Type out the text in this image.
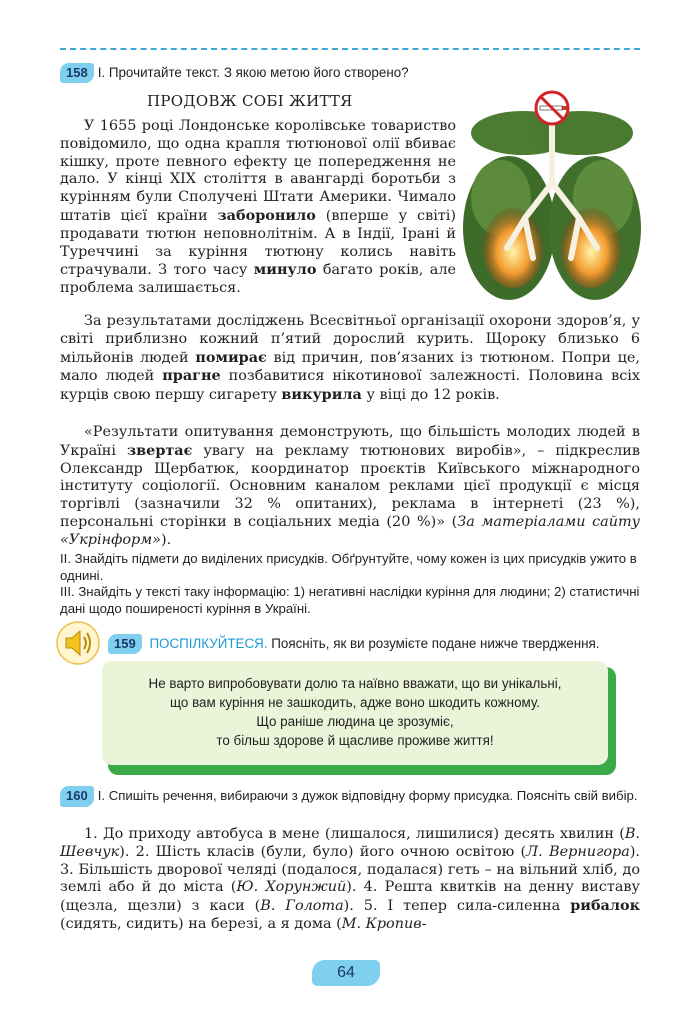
158 I. Прочитайте текст. З якою метою його створено?
ПРОДОВЖ СОБІ ЖИТТЯ

У 1655 році Лондонське королівське товариство повідомило, що одна крапля тютюнової олії вбиває кішку, проте певного ефекту це попередження не дало. У кінці XIX століття в авангарді боротьби з курінням були Сполучені Штати Америки. Чимало штатів цієї країни заборонило (вперше у світі) продавати тютюн неповнолітнім. А в Індії, Ірані й Туреччині за куріння тютюну колись навіть страчували. З того часу минуло багато років, але проблема залишається.

За результатами досліджень Всесвітньої організації охорони здоров’я, у світі приблизно кожний п’ятий дорослий курить. Щороку близько 6 мільйонів людей помирає від причин, пов’язаних із тютюном. Попри це, мало людей прагне позбавитися нікотинової залежності. Половина всіх курців свою першу сигарету викурила у віці до 12 років.

«Результати опитування демонструють, що більшість молодих людей в Україні звертає увагу на рекламу тютюнових виробів», – підкреслив Олександр Щербатюк, координатор проєктів Київського міжнародного інституту соціології. Основним каналом реклами цієї продукції є місця торгівлі (зазначили 32 % опитаних), реклама в інтернеті (23 %), персональні сторінки в соціальних медіа (20 %)» (За матеріалами сайту «Укрінформ»).

II. Знайдіть підмети до виділених присудків. Обґрунтуйте, чому кожен із цих присудків ужито в однині.
III. Знайдіть у тексті таку інформацію: 1) негативні наслідки куріння для людини; 2) статистичні дані щодо поширеності куріння в Україні.
159 ПОСПІЛКУЙТЕСЯ. Поясніть, як ви розумієте подане нижче твердження.
Не варто випробовувати долю та наївно вважати, що ви унікальні,
що вам куріння не зашкодить, адже воно шкодить кожному.
Що раніше людина це зрозуміє,
то більш здорове й щасливе проживе життя!
160 I. Спишіть речення, вибираючи з дужок відповідну форму присудка. Поясніть свій вибір.

1. До приходу автобуса в мене (лишалося, лишилися) десять хвилин (В. Шевчук). 2. Шість класів (були, було) його очною освітою (Л. Вернигора). 3. Більшість дворової челяді (подалося, подалася) геть – на вільний хліб, до землі або й до міста (Ю. Хорунжий). 4. Решта квитків на денну виставу (щезла, щезли) з каси (В. Голота). 5. І тепер сила-силенна рибалок (сидять, сидить) на березі, а я дома (М. Кропив-

64
